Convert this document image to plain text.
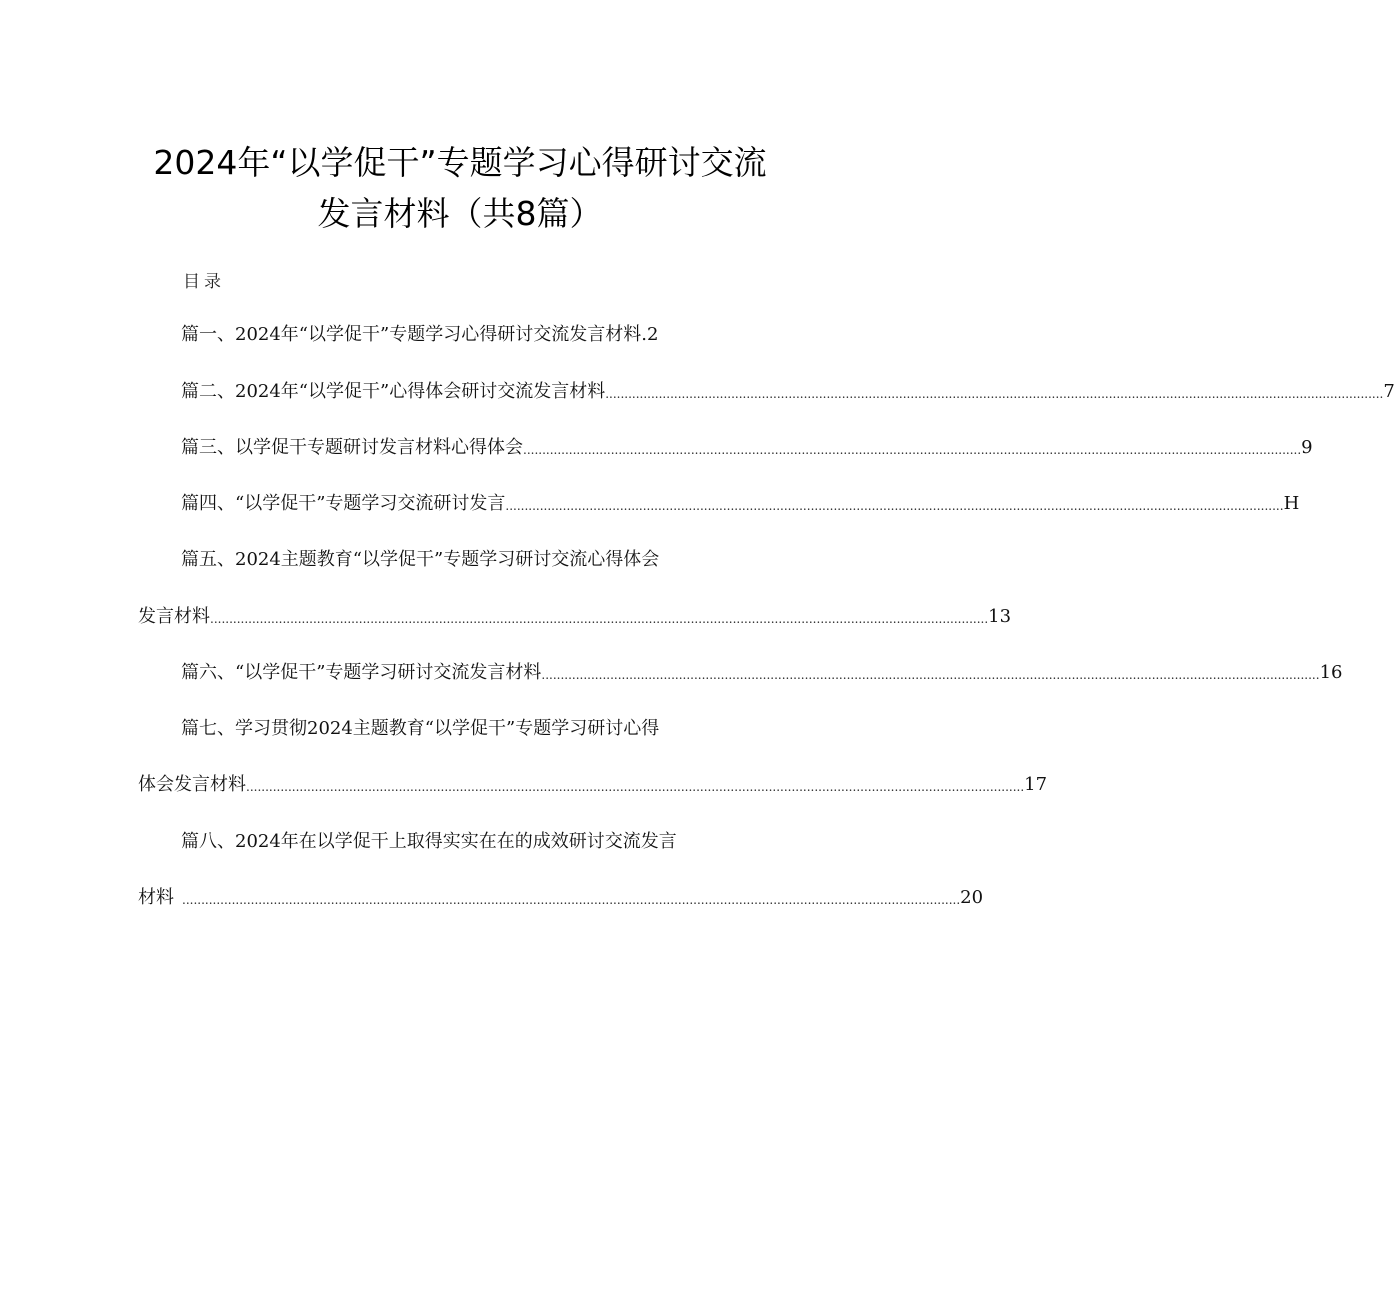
2024年“以学促干”专题学习心得研讨交流
发言材料（共8篇）
目录
篇一、2024年“以学促干”专题学习心得研讨交流发言材料 .2
篇二、2024年“以学促干”心得体会研讨交流发言材料 ............................................................................................................................................................................................................ 7
篇三、以学促干专题研讨发言材料心得体会 ............................................................................................................................................................................................................ 9
篇四、“以学促干”专题学习交流研讨发言 ............................................................................................................................................................................................................ H
篇五、2024主题教育“以学促干”专题学习研讨交流心得体会
发言材料 ............................................................................................................................................................................................................ 13
篇六、“以学促干”专题学习研讨交流发言材料 ............................................................................................................................................................................................................ 16
篇七、学习贯彻2024主题教育“以学促干”专题学习研讨心得
体会发言材料 ............................................................................................................................................................................................................ 17
篇八、2024年在以学促干上取得实实在在的成效研讨交流发言
材料 ............................................................................................................................................................................................................ 20
